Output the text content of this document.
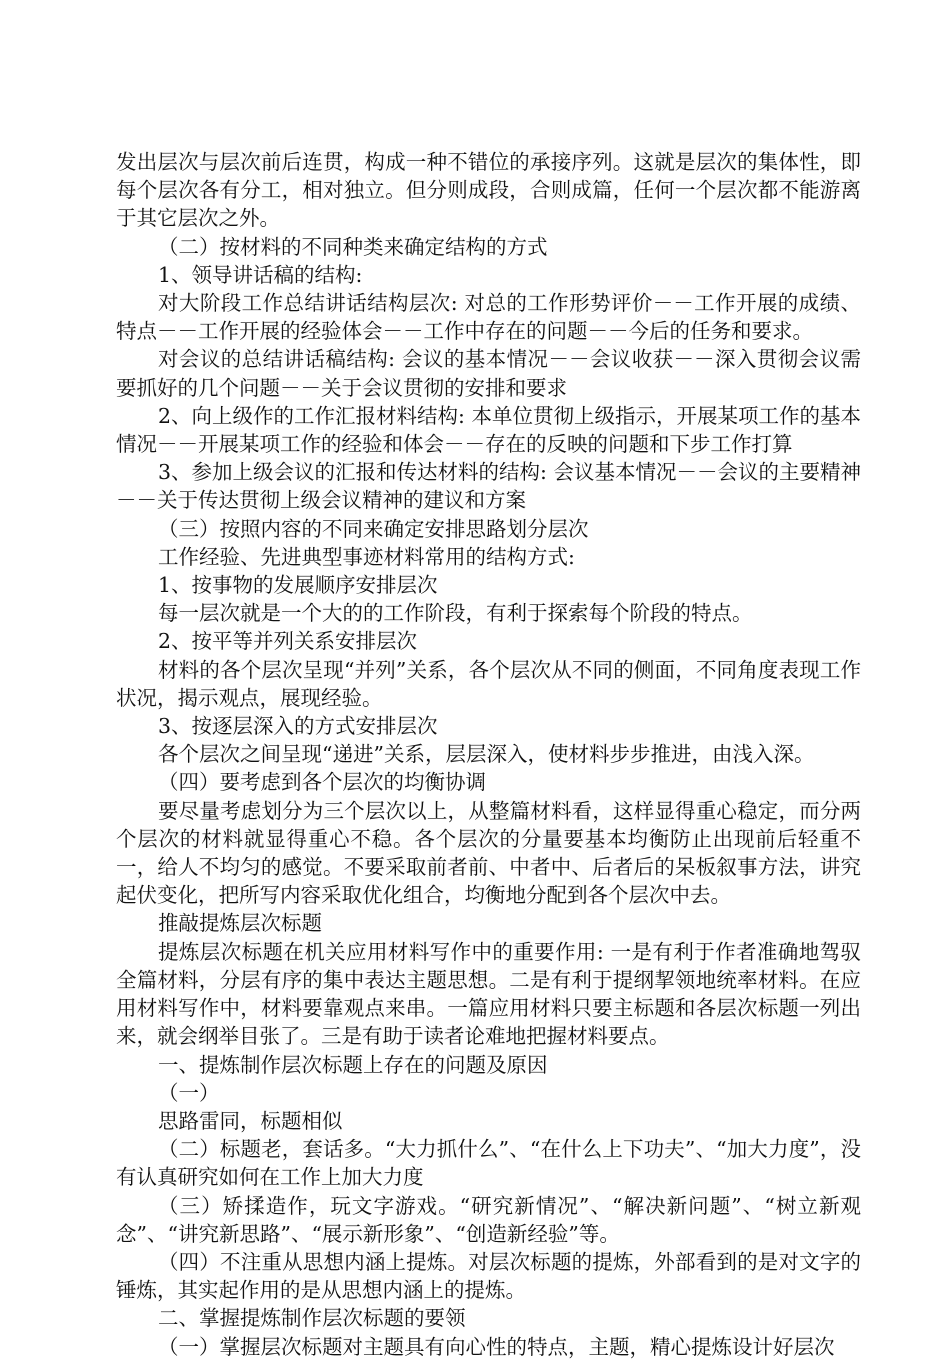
发出层次与层次前后连贯，构成一种不错位的承接序列。这就是层次的集体性，即每个层次各有分工，相对独立。但分则成段，合则成篇，任何一个层次都不能游离于其它层次之外。

（二）按材料的不同种类来确定结构的方式

1、领导讲话稿的结构:

对大阶段工作总结讲话结构层次: 对总的工作形势评价－－工作开展的成绩、特点－－工作开展的经验体会－－工作中存在的问题－－今后的任务和要求。

对会议的总结讲话稿结构: 会议的基本情况－－会议收获－－深入贯彻会议需要抓好的几个问题－－关于会议贯彻的安排和要求

2、向上级作的工作汇报材料结构: 本单位贯彻上级指示，开展某项工作的基本情况－－开展某项工作的经验和体会－－存在的反映的问题和下步工作打算

3、参加上级会议的汇报和传达材料的结构: 会议基本情况－－会议的主要精神－－关于传达贯彻上级会议精神的建议和方案

（三）按照内容的不同来确定安排思路划分层次

工作经验、先进典型事迹材料常用的结构方式:

1、按事物的发展顺序安排层次

每一层次就是一个大的的工作阶段，有利于探索每个阶段的特点。

2、按平等并列关系安排层次

材料的各个层次呈现“并列”关系，各个层次从不同的侧面，不同角度表现工作状况，揭示观点，展现经验。

3、按逐层深入的方式安排层次

各个层次之间呈现“递进”关系，层层深入，使材料步步推进，由浅入深。

（四）要考虑到各个层次的均衡协调

要尽量考虑划分为三个层次以上，从整篇材料看，这样显得重心稳定，而分两个层次的材料就显得重心不稳。各个层次的分量要基本均衡防止出现前后轻重不一，给人不均匀的感觉。不要采取前者前、中者中、后者后的呆板叙事方法，讲究起伏变化，把所写内容采取优化组合，均衡地分配到各个层次中去。

推敲提炼层次标题

提炼层次标题在机关应用材料写作中的重要作用: 一是有利于作者准确地驾驭全篇材料，分层有序的集中表达主题思想。二是有利于提纲挈领地统率材料。在应用材料写作中，材料要靠观点来串。一篇应用材料只要主标题和各层次标题一列出来，就会纲举目张了。三是有助于读者论难地把握材料要点。

一、提炼制作层次标题上存在的问题及原因

（一）

思路雷同，标题相似

（二）标题老，套话多。“大力抓什么”、“在什么上下功夫”、“加大力度”，没有认真研究如何在工作上加大力度

（三）矫揉造作，玩文字游戏。“研究新情况”、“解决新问题”、“树立新观念”、“讲究新思路”、“展示新形象”、“创造新经验”等。

（四）不注重从思想内涵上提炼。对层次标题的提炼，外部看到的是对文字的锤炼，其实起作用的是从思想内涵上的提炼。

二、掌握提炼制作层次标题的要领

（一）掌握层次标题对主题具有向心性的特点，主题，精心提炼设计好层次
